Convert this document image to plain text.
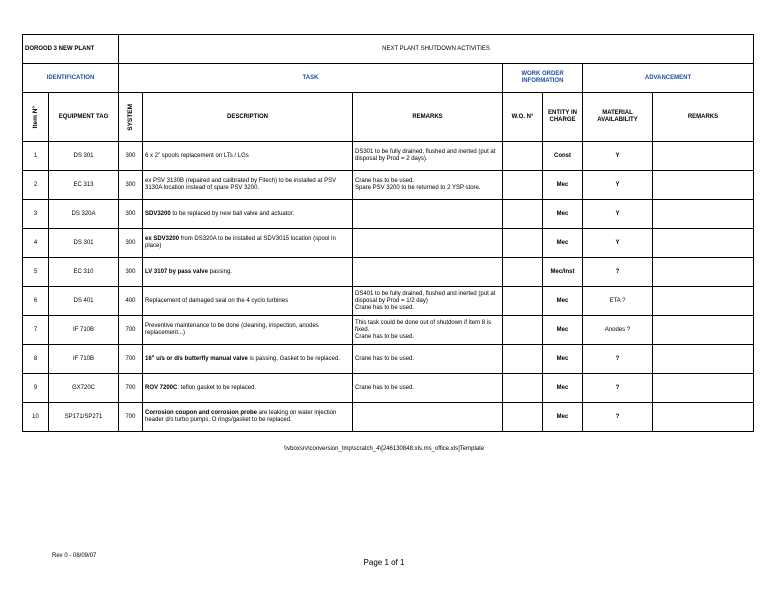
DOROOD 3 NEW PLANT		NEXT PLANT SHUTDOWN ACTIVITIES						
IDENTIFICATION		TASK			WORK ORDER INFORMATION		ADVANCEMENT	

Item N°	EQUIPMENT TAG	SYSTEM	DESCRIPTION	REMARKS	W.O. N°	ENTITY IN CHARGE	MATERIAL AVAILABILITY	REMARKS
1	DS 301	300	6 x 2" spools replacement on LTs / LGs	DS301 to be fully drained, flushed and inerted (put at
disposal by Prod = 2 days).		Const	Y	
2	EC 313	300	ex PSV 3130B (repaired and calibrated by Fitech) to be installed at PSV 3130A location instead of spare PSV 3200.	Crane has to be used.
Spare PSV 3200 to be returned to 2 YSP store.		Mec	Y	
3	DS 320A	300	SDV3200 to be replaced by new ball valve and actuator.			Mec	Y	
4	DS 301	300	ex SDV3200 from DS320A to be installed at SDV3015 location (spool in place)			Mec	Y	
5	EC 310	300	LV 3107 by pass valve passing.			Mec/Inst	?	
6	DS 401	400	Replacement of damaged seal on the 4 cyclo turbines	DS401 to be fully drained, flushed and inerted (put at
disposal by Prod = 1/2 day)
Crane has to be used.		Mec	ETA ?	
7	IF 710B	700	Preventive maintenance to be done (cleaning, inspection, anodes replacement...)	This task could be done out of shutdown if item 8 is
fixed.
Crane has to be used.		Mec	Anodes ?	
8	IF 710B	700	16" u/s or d/s butterfly manual valve is passing. Gasket to be replaced.	Crane has to be used.		Mec	?	
9	GX720C	700	ROV 7200C: teflon gasket to be replaced.	Crane has to be used.		Mec	?	
10	SP171/SP271	700	Corrosion coupon and corrosion probe are leaking on water injection header d/s turbo pumps. O rings/gasket to be replaced.			Mec	?	
\\vboxsrv\conversion_tmp\scratch_4\[246130848.xls.ms_office.xls]Template
Rev 0 - 08/09/07
Page 1 of 1
